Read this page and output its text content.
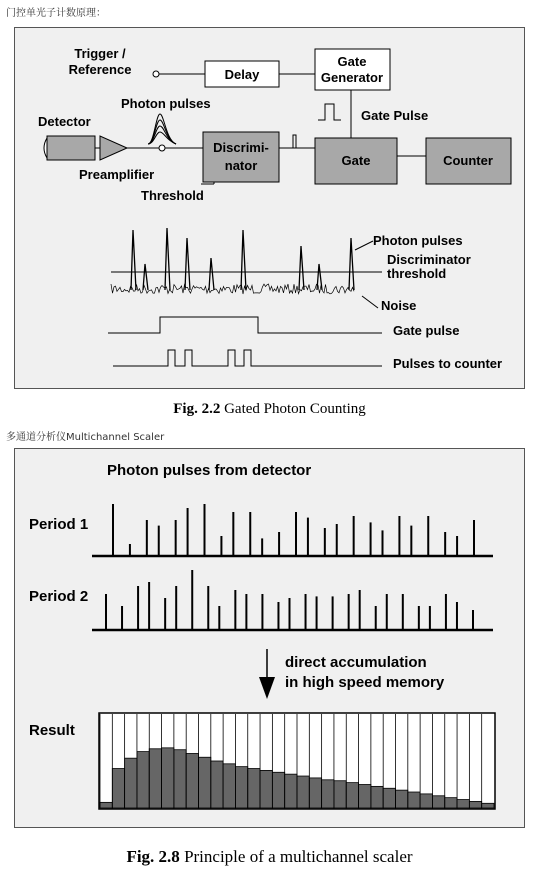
门控单光子计数原理：
Trigger /
Reference	Delay
Gate
Generator
Gate Pulse
Photon pulses
Detector
Preamplifier
Discrimi-
nator	Gate	Counter
Threshold
Photon pulses
Discriminator
threshold
Noise
Gate pulse
Pulses to counter
Fig. 2.2 Gated Photon Counting
多通道分析仪Multichannel Scaler
Photon pulses from detector
Period 1
Period 2
direct accumulation
in high speed memory
Result
Fig. 2.8 Principle of a multichannel scaler
